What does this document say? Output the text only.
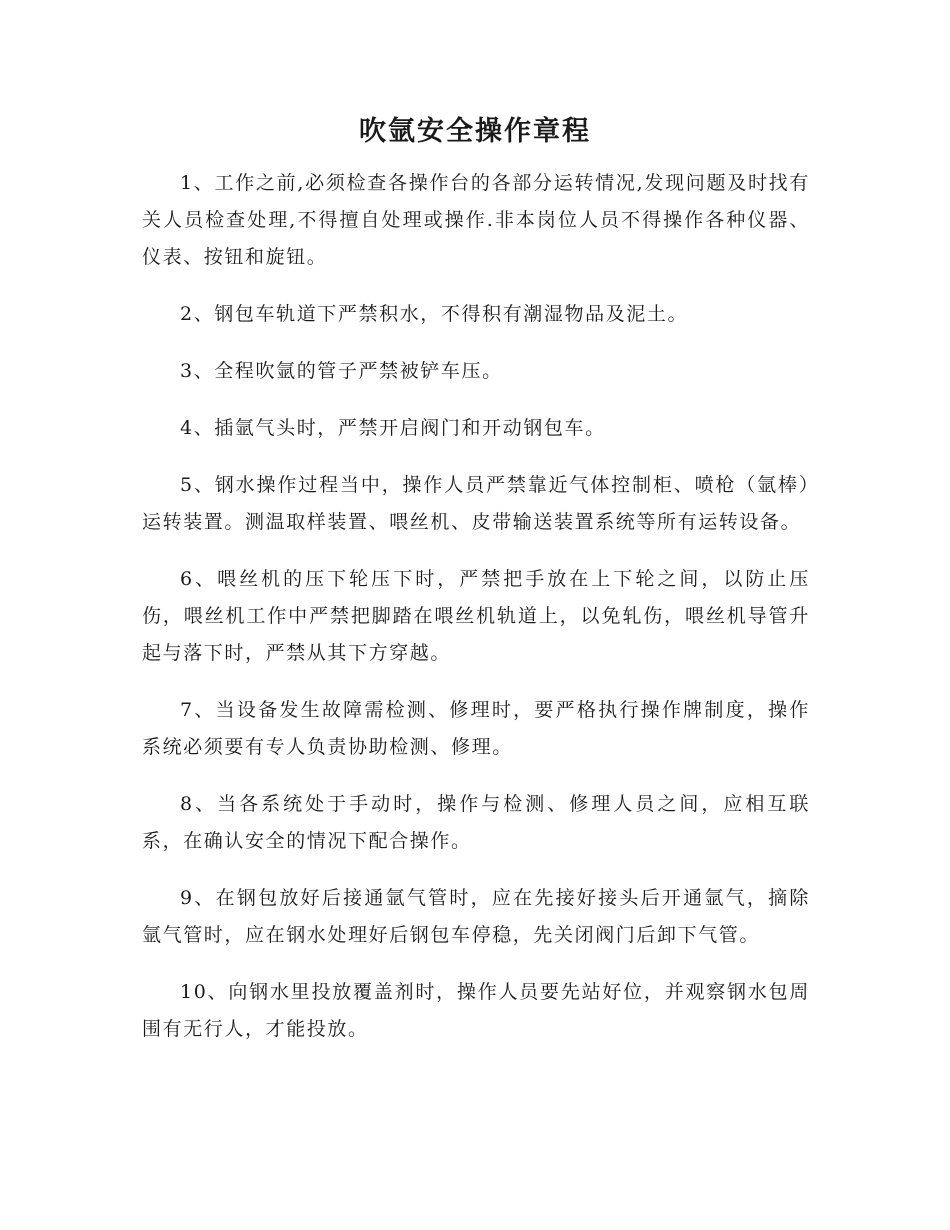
吹氩安全操作章程

1、工作之前,必须检查各操作台的各部分运转情况,发现问题及时找有关人员检查处理,不得擅自处理或操作.非本岗位人员不得操作各种仪器、仪表、按钮和旋钮。

2、钢包车轨道下严禁积水，不得积有潮湿物品及泥土。

3、全程吹氩的管子严禁被铲车压。

4、插氩气头时，严禁开启阀门和开动钢包车。

5、钢水操作过程当中，操作人员严禁靠近气体控制柜、喷枪（氩棒）运转装置。测温取样装置、喂丝机、皮带输送装置系统等所有运转设备。

6、喂丝机的压下轮压下时，严禁把手放在上下轮之间，以防止压伤，喂丝机工作中严禁把脚踏在喂丝机轨道上，以免轧伤，喂丝机导管升起与落下时，严禁从其下方穿越。

7、当设备发生故障需检测、修理时，要严格执行操作牌制度，操作系统必须要有专人负责协助检测、修理。

8、当各系统处于手动时，操作与检测、修理人员之间，应相互联系，在确认安全的情况下配合操作。

9、在钢包放好后接通氩气管时，应在先接好接头后开通氩气，摘除氩气管时，应在钢水处理好后钢包车停稳，先关闭阀门后卸下气管。

10、向钢水里投放覆盖剂时，操作人员要先站好位，并观察钢水包周围有无行人，才能投放。
